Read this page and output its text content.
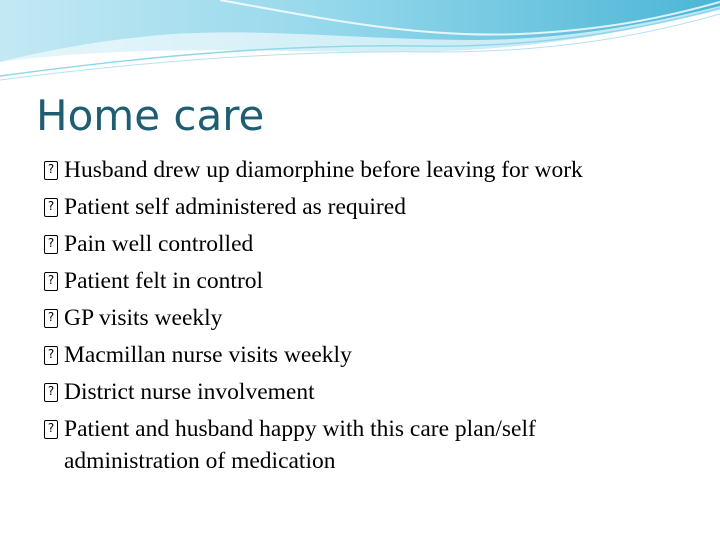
Home care
? Husband drew up diamorphine before leaving for work
? Patient self administered as required
? Pain well controlled
? Patient felt in control
? GP visits weekly
? Macmillan nurse visits weekly
? District nurse involvement
? Patient and husband happy with this care plan/self administration of medication
